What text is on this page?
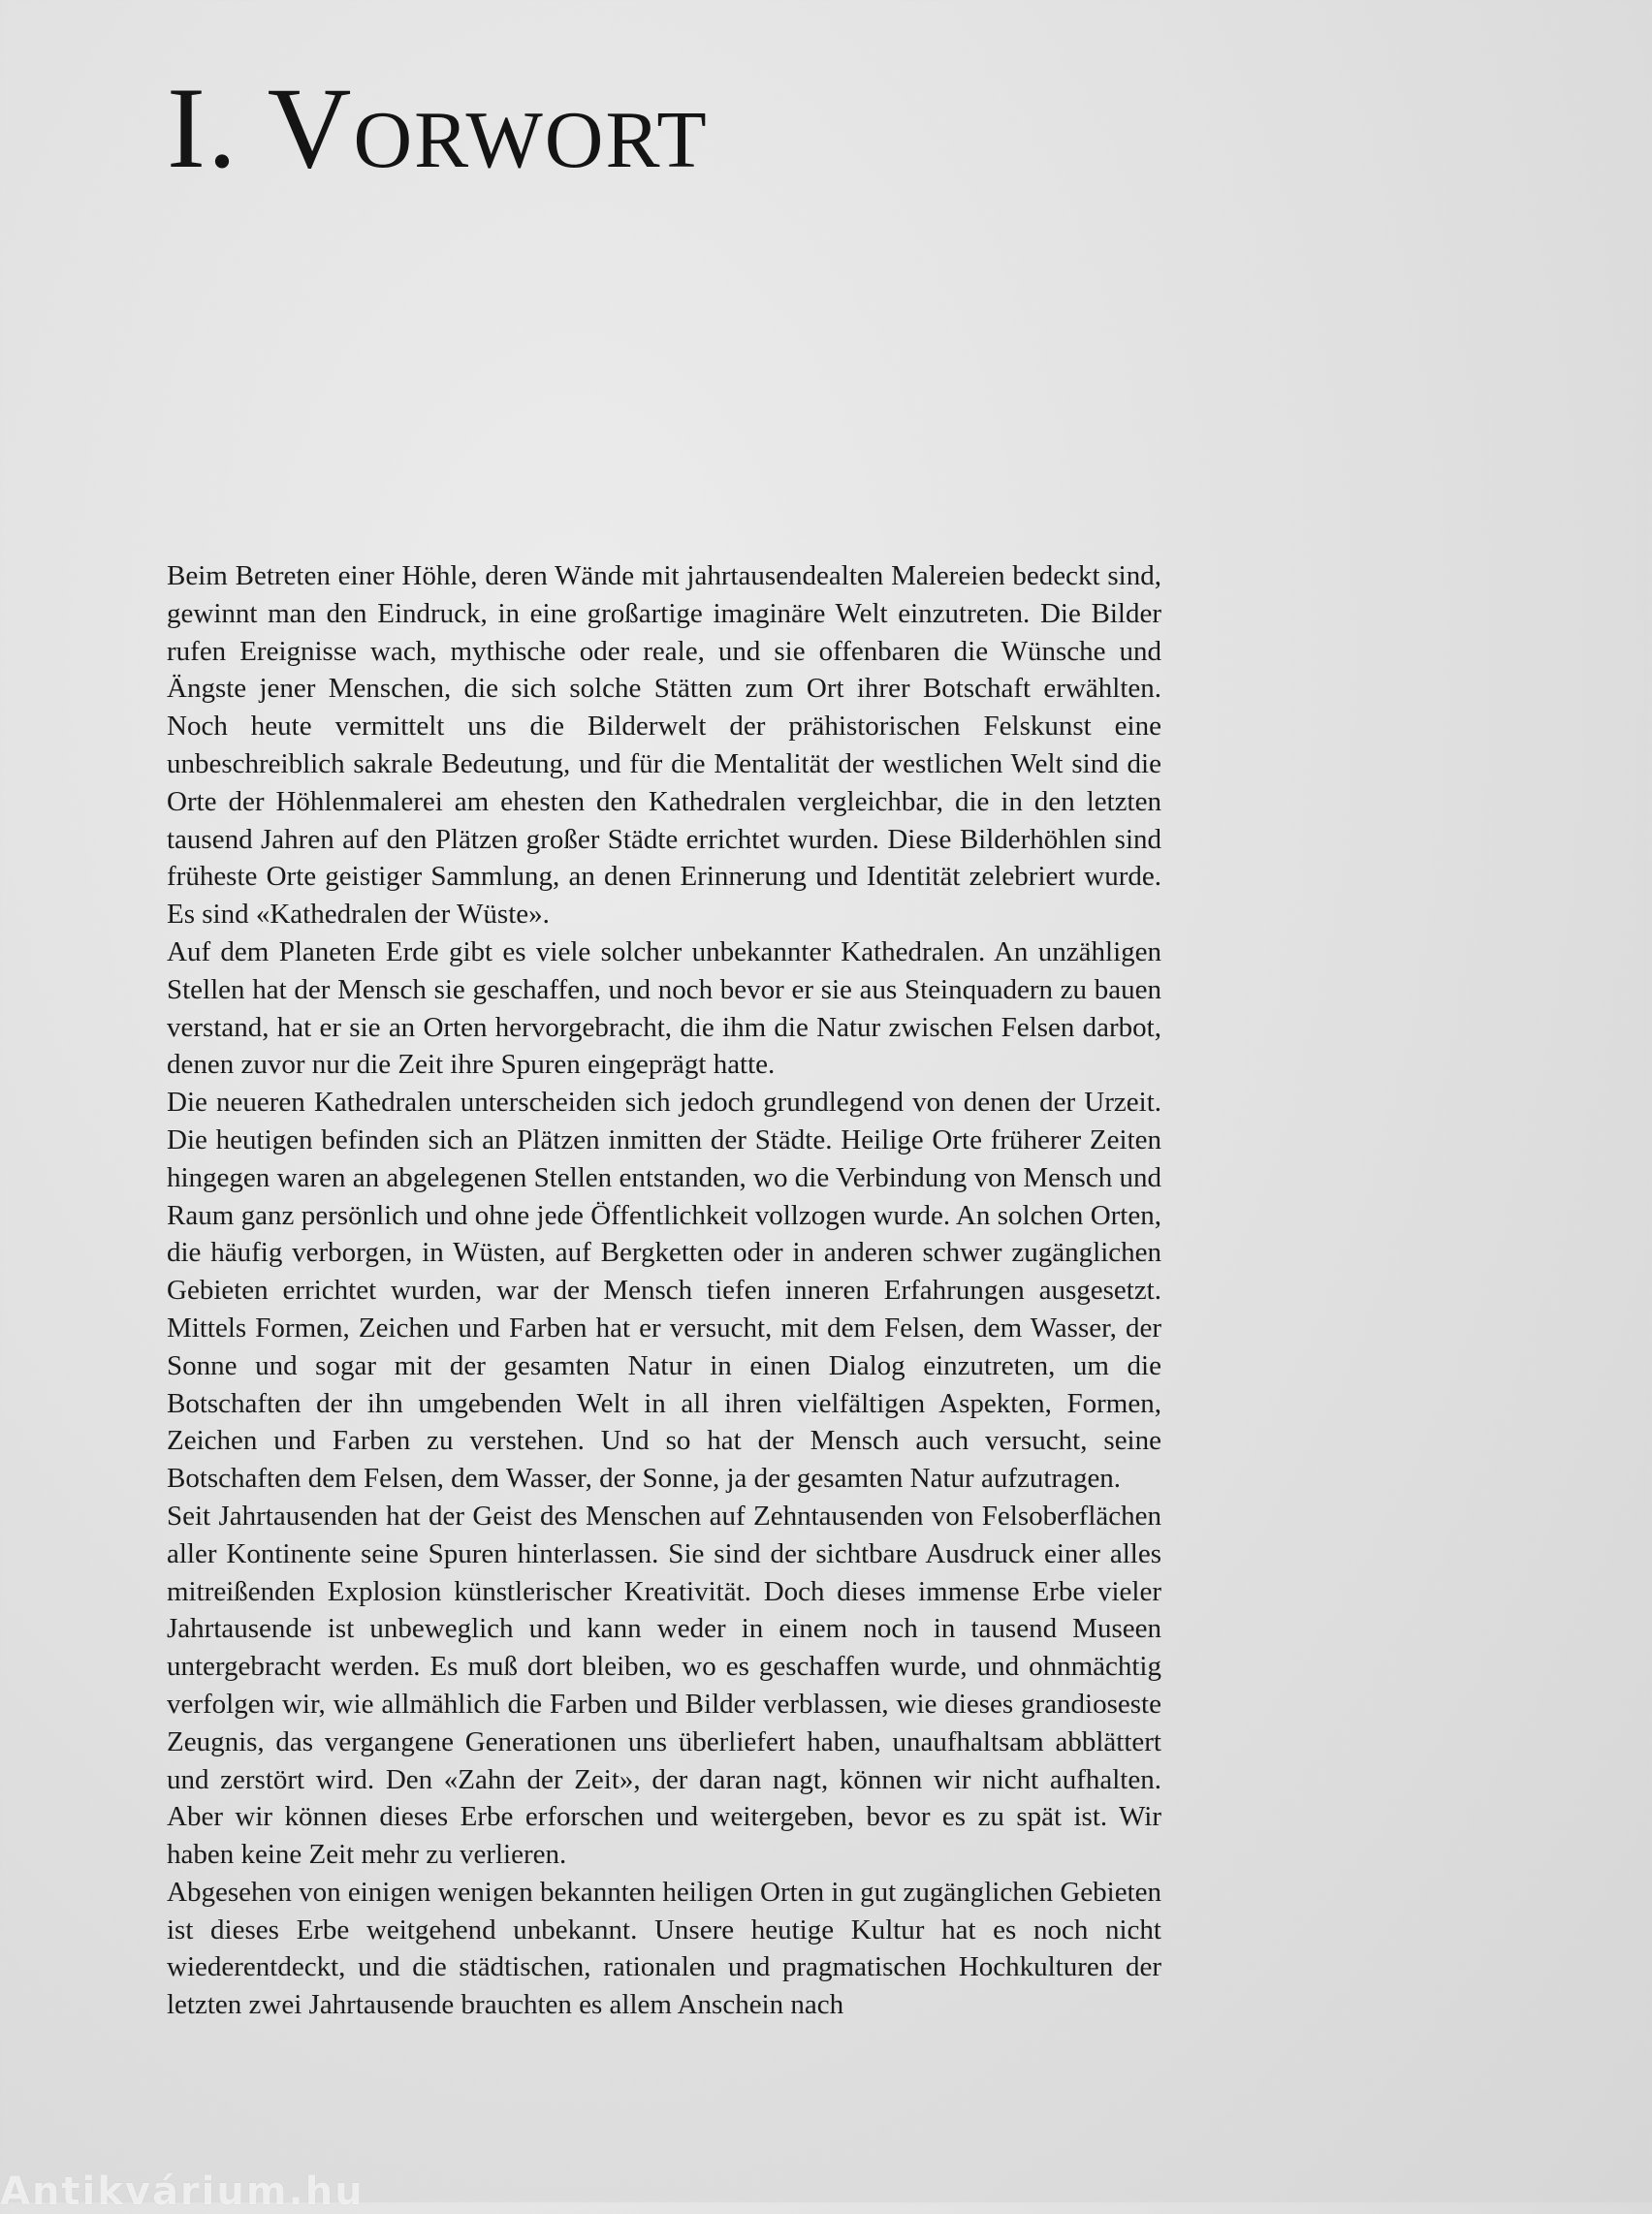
I. Vorwort

Beim Betreten einer Höhle, deren Wände mit jahrtausendealten Malereien bedeckt sind, gewinnt man den Eindruck, in eine großartige imaginäre Welt einzutreten. Die Bilder rufen Ereignisse wach, mythische oder reale, und sie offenbaren die Wünsche und Ängste jener Menschen, die sich solche Stätten zum Ort ihrer Botschaft erwählten. Noch heute vermittelt uns die Bilderwelt der prähistorischen Felskunst eine unbeschreiblich sakrale Bedeutung, und für die Mentalität der westlichen Welt sind die Orte der Höhlenmalerei am ehesten den Kathedralen vergleichbar, die in den letzten tausend Jahren auf den Plätzen großer Städte errichtet wurden. Diese Bilderhöhlen sind früheste Orte geistiger Sammlung, an denen Erinnerung und Identität zelebriert wurde. Es sind «Kathedralen der Wüste».

Auf dem Planeten Erde gibt es viele solcher unbekannter Kathedralen. An unzähligen Stellen hat der Mensch sie geschaffen, und noch bevor er sie aus Steinquadern zu bauen verstand, hat er sie an Orten hervorgebracht, die ihm die Natur zwischen Felsen darbot, denen zuvor nur die Zeit ihre Spuren eingeprägt hatte.

Die neueren Kathedralen unterscheiden sich jedoch grundlegend von denen der Urzeit. Die heutigen befinden sich an Plätzen inmitten der Städte. Heilige Orte früherer Zeiten hingegen waren an abgelegenen Stellen entstanden, wo die Verbindung von Mensch und Raum ganz persönlich und ohne jede Öffentlichkeit vollzogen wurde. An solchen Orten, die häufig verborgen, in Wüsten, auf Bergketten oder in anderen schwer zugänglichen Gebieten errichtet wurden, war der Mensch tiefen inneren Erfahrungen ausgesetzt. Mittels Formen, Zeichen und Farben hat er versucht, mit dem Felsen, dem Wasser, der Sonne und sogar mit der gesamten Natur in einen Dialog einzutreten, um die Botschaften der ihn umgebenden Welt in all ihren vielfältigen Aspekten, Formen, Zeichen und Farben zu verstehen. Und so hat der Mensch auch versucht, seine Botschaften dem Felsen, dem Wasser, der Sonne, ja der gesamten Natur aufzutragen.

Seit Jahrtausenden hat der Geist des Menschen auf Zehntausenden von Felsoberflächen aller Kontinente seine Spuren hinterlassen. Sie sind der sichtbare Ausdruck einer alles mitreißenden Explosion künstlerischer Kreativität. Doch dieses immense Erbe vieler Jahrtausende ist unbeweglich und kann weder in einem noch in tausend Museen untergebracht werden. Es muß dort bleiben, wo es geschaffen wurde, und ohnmächtig verfolgen wir, wie allmählich die Farben und Bilder verblassen, wie dieses grandioseste Zeugnis, das vergangene Generationen uns überliefert haben, unaufhaltsam abblättert und zerstört wird. Den «Zahn der Zeit», der daran nagt, können wir nicht aufhalten. Aber wir können dieses Erbe erforschen und weitergeben, bevor es zu spät ist. Wir haben keine Zeit mehr zu verlieren.

Abgesehen von einigen wenigen bekannten heiligen Orten in gut zugänglichen Gebieten ist dieses Erbe weitgehend unbekannt. Unsere heutige Kultur hat es noch nicht wiederentdeckt, und die städtischen, rationalen und pragmatischen Hochkulturen der letzten zwei Jahrtausende brauchten es allem Anschein nach

Antikvárium.hu
